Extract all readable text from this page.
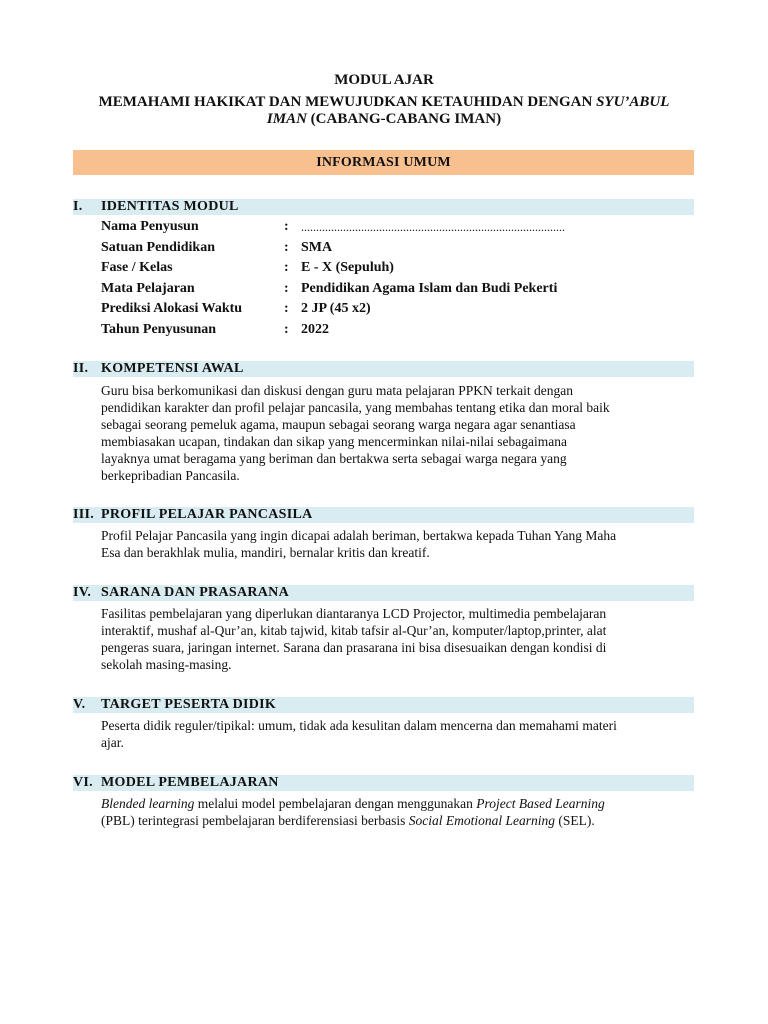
MODUL AJAR
MEMAHAMI HAKIKAT DAN MEWUJUDKAN KETAUHIDAN DENGAN SYU’ABUL
IMAN (CABANG-CABANG IMAN)
INFORMASI UMUM
I. IDENTITAS MODUL
Nama Penyusun	: ........................................................................................
Satuan Pendidikan	: SMA
Fase / Kelas	: E - X (Sepuluh)
Mata Pelajaran	: Pendidikan Agama Islam dan Budi Pekerti
Prediksi Alokasi Waktu	: 2 JP (45 x2)
Tahun Penyusunan	: 2022
II. KOMPETENSI AWAL
Guru bisa berkomunikasi dan diskusi dengan guru mata pelajaran PPKN terkait dengan
pendidikan karakter dan profil pelajar pancasila, yang membahas tentang etika dan moral baik
sebagai seorang pemeluk agama, maupun sebagai seorang warga negara agar senantiasa
membiasakan ucapan, tindakan dan sikap yang mencerminkan nilai-nilai sebagaimana
layaknya umat beragama yang beriman dan bertakwa serta sebagai warga negara yang
berkepribadian Pancasila.
III. PROFIL PELAJAR PANCASILA
Profil Pelajar Pancasila yang ingin dicapai adalah beriman, bertakwa kepada Tuhan Yang Maha
Esa dan berakhlak mulia, mandiri, bernalar kritis dan kreatif.
IV. SARANA DAN PRASARANA
Fasilitas pembelajaran yang diperlukan diantaranya LCD Projector, multimedia pembelajaran
interaktif, mushaf al-Qur’an, kitab tajwid, kitab tafsir al-Qur’an, komputer/laptop,printer, alat
pengeras suara, jaringan internet. Sarana dan prasarana ini bisa disesuaikan dengan kondisi di
sekolah masing-masing.
V. TARGET PESERTA DIDIK
Peserta didik reguler/tipikal: umum, tidak ada kesulitan dalam mencerna dan memahami materi
ajar.
VI. MODEL PEMBELAJARAN
Blended learning melalui model pembelajaran dengan menggunakan Project Based Learning
(PBL) terintegrasi pembelajaran berdiferensiasi berbasis Social Emotional Learning (SEL).
